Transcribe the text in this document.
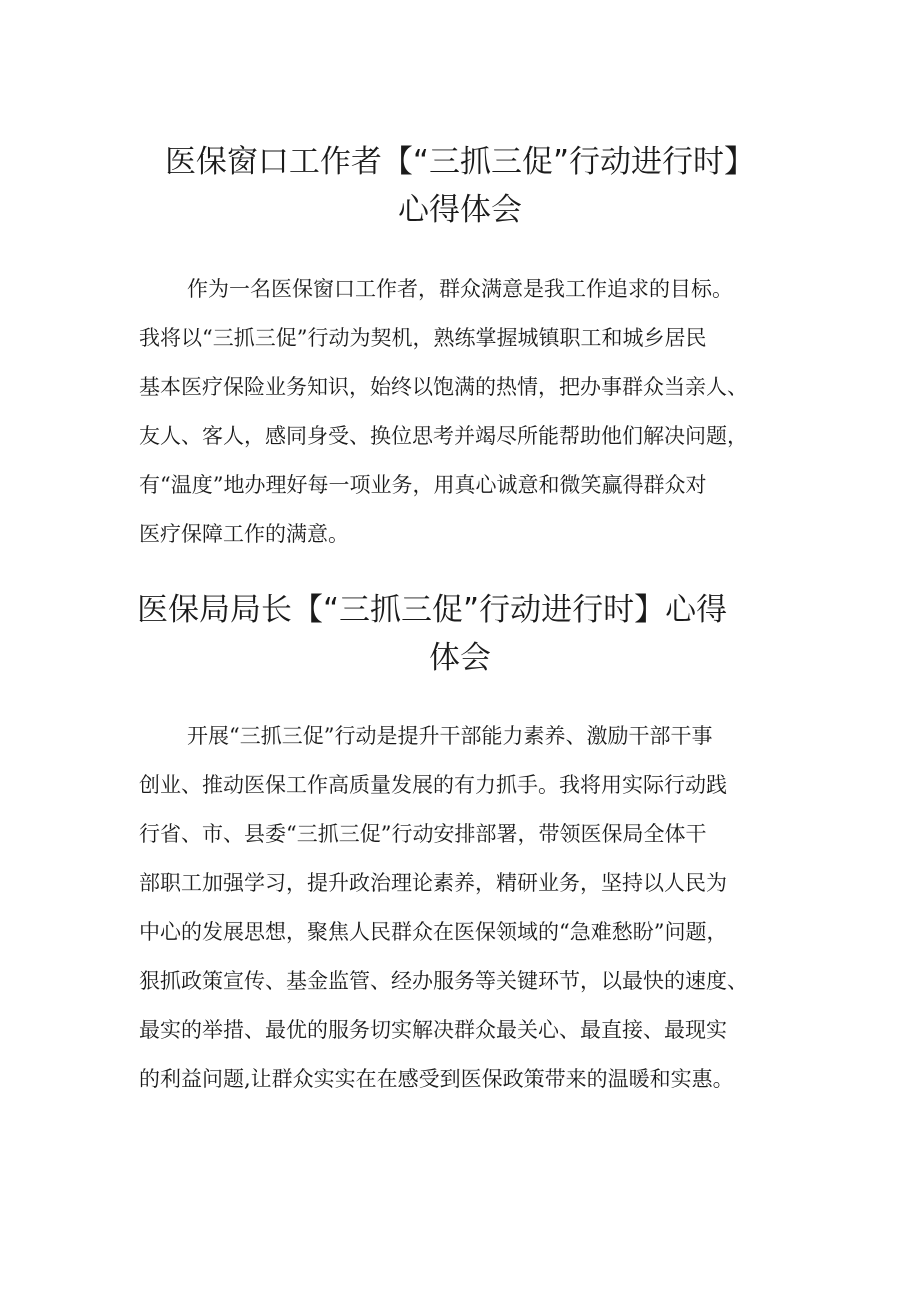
医保窗口工作者【“三抓三促”行动进行时】
心得体会
作为一名医保窗口工作者，群众满意是我工作追求的目标。
我将以“三抓三促”行动为契机，熟练掌握城镇职工和城乡居民
基本医疗保险业务知识，始终以饱满的热情，把办事群众当亲人、
友人、客人，感同身受、换位思考并竭尽所能帮助他们解决问题，
有“温度”地办理好每一项业务，用真心诚意和微笑赢得群众对
医疗保障工作的满意。
医保局局长【“三抓三促”行动进行时】心得
体会
开展“三抓三促”行动是提升干部能力素养、激励干部干事
创业、推动医保工作高质量发展的有力抓手。我将用实际行动践
行省、市、县委“三抓三促”行动安排部署，带领医保局全体干
部职工加强学习，提升政治理论素养，精研业务，坚持以人民为
中心的发展思想，聚焦人民群众在医保领域的“急难愁盼”问题，
狠抓政策宣传、基金监管、经办服务等关键环节，以最快的速度、
最实的举措、最优的服务切实解决群众最关心、最直接、最现实
的利益问题,让群众实实在在感受到医保政策带来的温暖和实惠。
